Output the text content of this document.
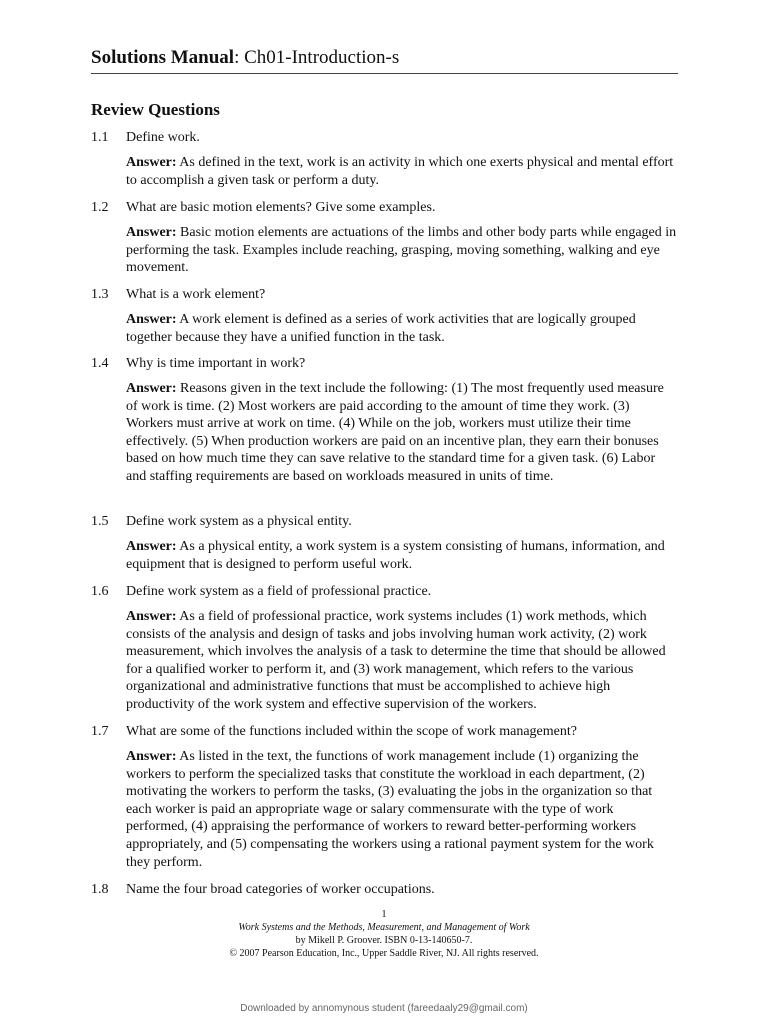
Solutions Manual: Ch01-Introduction-s
Review Questions
1.1	Define work.
Answer: As defined in the text, work is an activity in which one exerts physical and mental effort to accomplish a given task or perform a duty.
1.2	What are basic motion elements? Give some examples.
Answer: Basic motion elements are actuations of the limbs and other body parts while engaged in performing the task. Examples include reaching, grasping, moving something, walking and eye movement.
1.3	What is a work element?
Answer: A work element is defined as a series of work activities that are logically grouped together because they have a unified function in the task.
1.4	Why is time important in work?
Answer: Reasons given in the text include the following: (1) The most frequently used measure of work is time. (2) Most workers are paid according to the amount of time they work. (3) Workers must arrive at work on time. (4) While on the job, workers must utilize their time effectively. (5) When production workers are paid on an incentive plan, they earn their bonuses based on how much time they can save relative to the standard time for a given task. (6) Labor and staffing requirements are based on workloads measured in units of time.
1.5	Define work system as a physical entity.
Answer: As a physical entity, a work system is a system consisting of humans, information, and equipment that is designed to perform useful work.
1.6	Define work system as a field of professional practice.
Answer: As a field of professional practice, work systems includes (1) work methods, which consists of the analysis and design of tasks and jobs involving human work activity, (2) work measurement, which involves the analysis of a task to determine the time that should be allowed for a qualified worker to perform it, and (3) work management, which refers to the various organizational and administrative functions that must be accomplished to achieve high productivity of the work system and effective supervision of the workers.
1.7	What are some of the functions included within the scope of work management?
Answer: As listed in the text, the functions of work management include (1) organizing the workers to perform the specialized tasks that constitute the workload in each department, (2) motivating the workers to perform the tasks, (3) evaluating the jobs in the organization so that each worker is paid an appropriate wage or salary commensurate with the type of work performed, (4) appraising the performance of workers to reward better-performing workers appropriately, and (5) compensating the workers using a rational payment system for the work they perform.
1.8	Name the four broad categories of worker occupations.
1
Work Systems and the Methods, Measurement, and Management of Work
by Mikell P. Groover. ISBN 0-13-140650-7.
© 2007 Pearson Education, Inc., Upper Saddle River, NJ. All rights reserved.
Downloaded by annomynous student (fareedaaly29@gmail.com)
